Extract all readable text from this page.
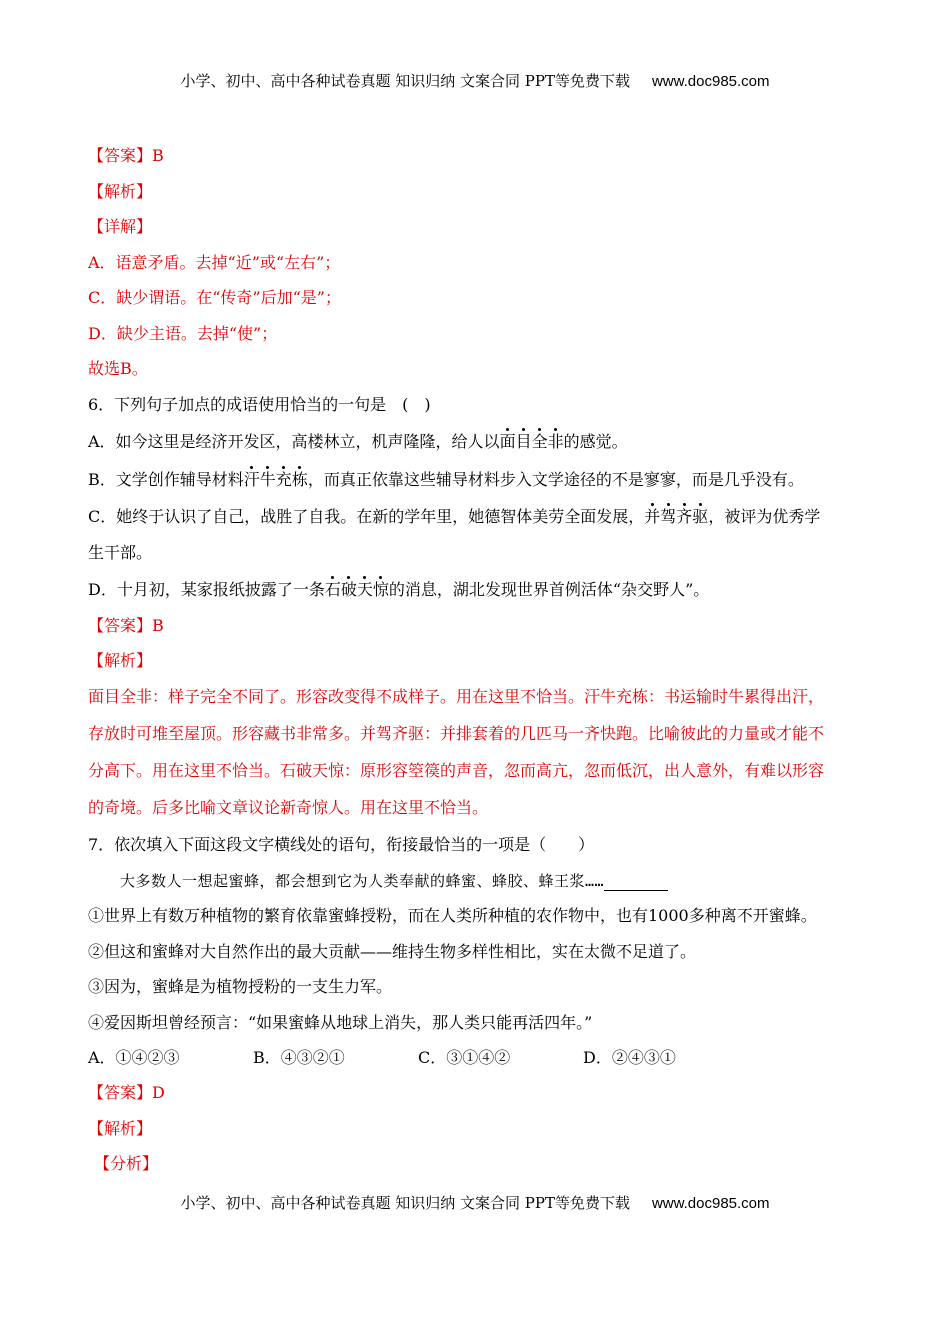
小学、初中、高中各种试卷真题 知识归纳 文案合同 PPT等免费下载 www.doc985.com
【答案】B
【解析】
【详解】
A．语意矛盾。去掉“近”或“左右”；
C．缺少谓语。在“传奇”后加“是”；
D．缺少主语。去掉“使”；
故选B。
6．下列句子加点的成语使用恰当的一句是　(　)
A．如今这里是经济开发区，高楼林立，机声隆隆，给人以面目全非的感觉。
B．文学创作辅导材料汗牛充栋，而真正依靠这些辅导材料步入文学途径的不是寥寥，而是几乎没有。
C．她终于认识了自己，战胜了自我。在新的学年里，她德智体美劳全面发展，并驾齐驱，被评为优秀学
生干部。
D．十月初，某家报纸披露了一条石破天惊的消息，湖北发现世界首例活体“杂交野人”。
【答案】B
【解析】
面目全非：样子完全不同了。形容改变得不成样子。用在这里不恰当。汗牛充栋：书运输时牛累得出汗，
存放时可堆至屋顶。形容藏书非常多。并驾齐驱：并排套着的几匹马一齐快跑。比喻彼此的力量或才能不
分高下。用在这里不恰当。石破天惊：原形容箜篌的声音，忽而高亢，忽而低沉，出人意外，有难以形容
的奇境。后多比喻文章议论新奇惊人。用在这里不恰当。
7．依次填入下面这段文字横线处的语句，衔接最恰当的一项是（　　）
大多数人一想起蜜蜂，都会想到它为人类奉献的蜂蜜、蜂胶、蜂王浆……
①世界上有数万种植物的繁育依靠蜜蜂授粉，而在人类所种植的农作物中，也有1000多种离不开蜜蜂。
②但这和蜜蜂对大自然作出的最大贡献——维持生物多样性相比，实在太微不足道了。
③因为，蜜蜂是为植物授粉的一支生力军。
④爱因斯坦曾经预言：“如果蜜蜂从地球上消失，那人类只能再活四年。”
A．①④②③	B．④③②①	C．③①④②	D．②④③①
【答案】D
【解析】
【分析】
小学、初中、高中各种试卷真题 知识归纳 文案合同 PPT等免费下载 www.doc985.com
